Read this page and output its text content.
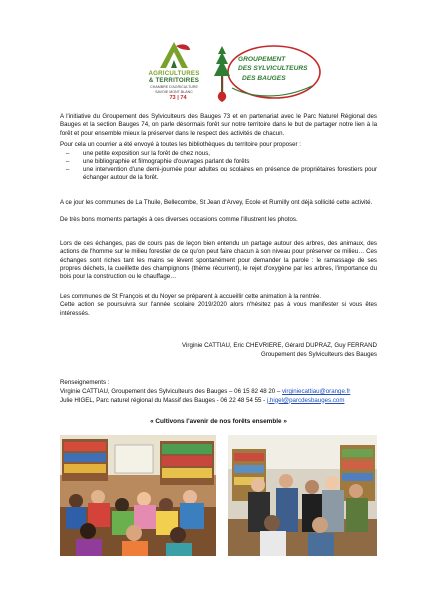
AGRICULTURES
& TERRITOIRES
CHAMBRE D'AGRICULTURE
SAVOIE MONT-BLANC
73 | 74
GROUPEMENT
DES SYLVICULTEURS
DES BAUGES

A l'initiative du Groupement des Sylviculteurs des Bauges 73 et en partenariat avec le Parc Naturel Régional des Bauges et la section Bauges 74, on parle désormais forêt sur notre territoire dans le but de partager notre lien à la forêt et pour ensemble mieux la préserver dans le respect des activités de chacun.

Pour cela un courrier a été envoyé à toutes les bibliothèques du territoire pour proposer :

– une petite exposition sur la forêt de chez nous,
– une bibliographie et filmographie d'ouvrages parlant de forêts
– une intervention d'une demi-journée pour adultes ou scolaires en présence de propriétaires forestiers pour échanger autour de la forêt.

A ce jour les communes de La Thuile, Bellecombe, St Jean d'Arvey, Ecole et Rumilly ont déjà sollicité cette activité.

De très bons moments partagés à ces diverses occasions comme l'illustrent les photos.

Lors de ces échanges, pas de cours pas de leçon bien entendu un partage autour des arbres, des animaux, des actions de l'homme sur le milieu forestier de ce qu'on peut faire chacun à son niveau pour préserver ce milieu… Ces échanges sont riches tant les mains se lèvent spontanément pour demander la parole : le ramassage de ses propres déchets, la cueillette des champignons (thème récurrent), le rejet d'oxygène par les arbres, l'importance du bois pour la construction ou le chauffage…

Les communes de St François et du Noyer se préparent à accueillir cette animation à la rentrée.
Cette action se poursuivra sur l'année scolaire 2019/2020 alors n'hésitez pas à vous manifester si vous êtes intéressés.
Virginie CATTIAU, Eric CHEVRIERE, Gérard DUPRAZ, Guy FERRAND
Groupement des Sylviculteurs des Bauges
Renseignements :
Virginie CATTIAU, Groupement des Sylviculteurs des Bauges – 06 15 82 48 20 – virginiecattiau@orange.fr
Julie HIGEL, Parc naturel régional du Massif des Bauges - 06 22 48 54 55 - j.higel@parcdesbauges.com
« Cultivons l'avenir de nos forêts ensemble »
